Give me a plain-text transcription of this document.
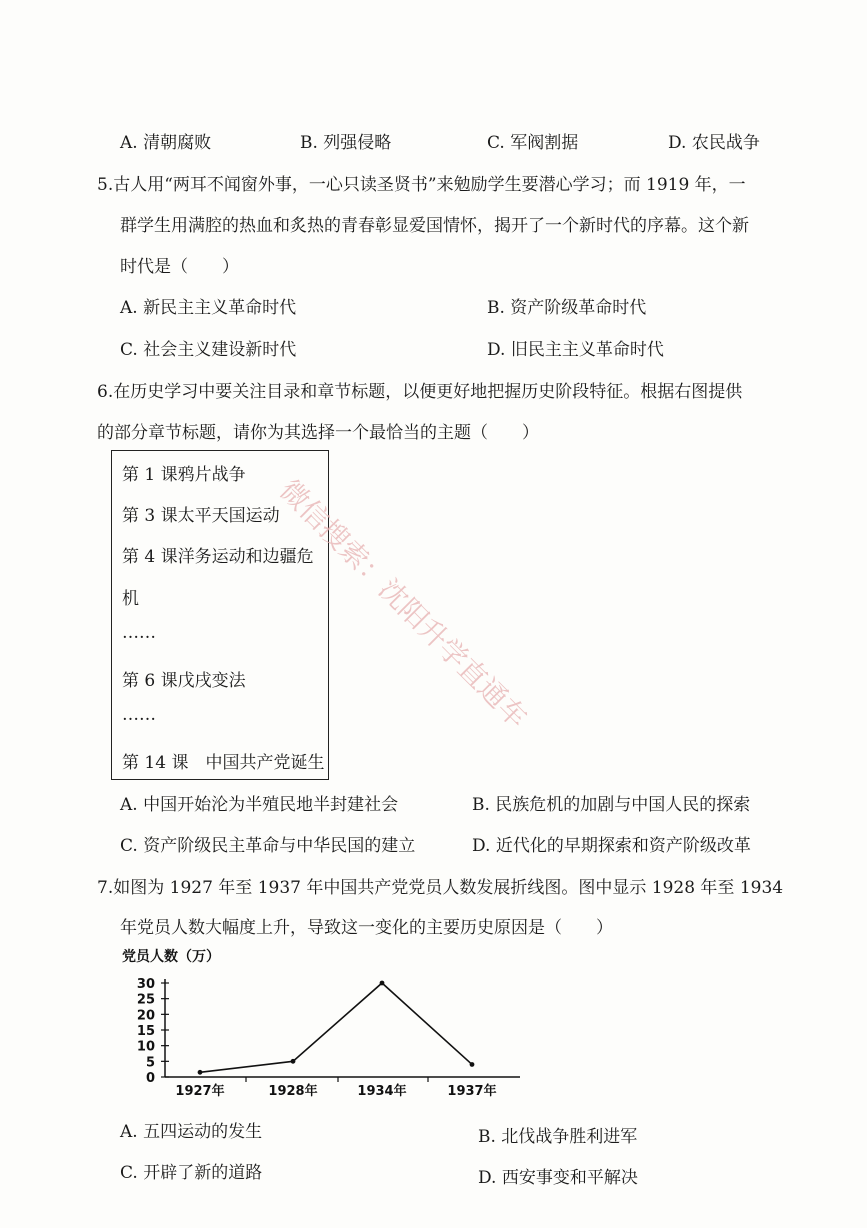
A. 清朝腐败	B. 列强侵略	C. 军阀割据	D. 农民战争
5.古人用“两耳不闻窗外事，一心只读圣贤书”来勉励学生要潜心学习；而 1919 年，一
群学生用满腔的热血和炙热的青春彰显爱国情怀，揭开了一个新时代的序幕。这个新
时代是（　　）
A. 新民主主义革命时代	B. 资产阶级革命时代
C. 社会主义建设新时代	D. 旧民主主义革命时代
6.在历史学习中要关注目录和章节标题，以便更好地把握历史阶段特征。根据右图提供
的部分章节标题，请你为其选择一个最恰当的主题（　　）
第 1 课鸦片战争
第 3 课太平天国运动
第 4 课洋务运动和边疆危
机
……
第 6 课戊戌变法
……
第 14 课　中国共产党诞生
微信搜索：沈阳升学直通车
A. 中国开始沦为半殖民地半封建社会	B. 民族危机的加剧与中国人民的探索
C. 资产阶级民主革命与中华民国的建立	D. 近代化的早期探索和资产阶级改革
7.如图为 1927 年至 1937 年中国共产党党员人数发展折线图。图中显示 1928 年至 1934
年党员人数大幅度上升，导致这一变化的主要历史原因是（　　）
党员人数（万）
30
25
20
15
10
5
0
1927年	1928年	1934年	1937年
A. 五四运动的发生	B. 北伐战争胜利进军
C. 开辟了新的道路	D. 西安事变和平解决
